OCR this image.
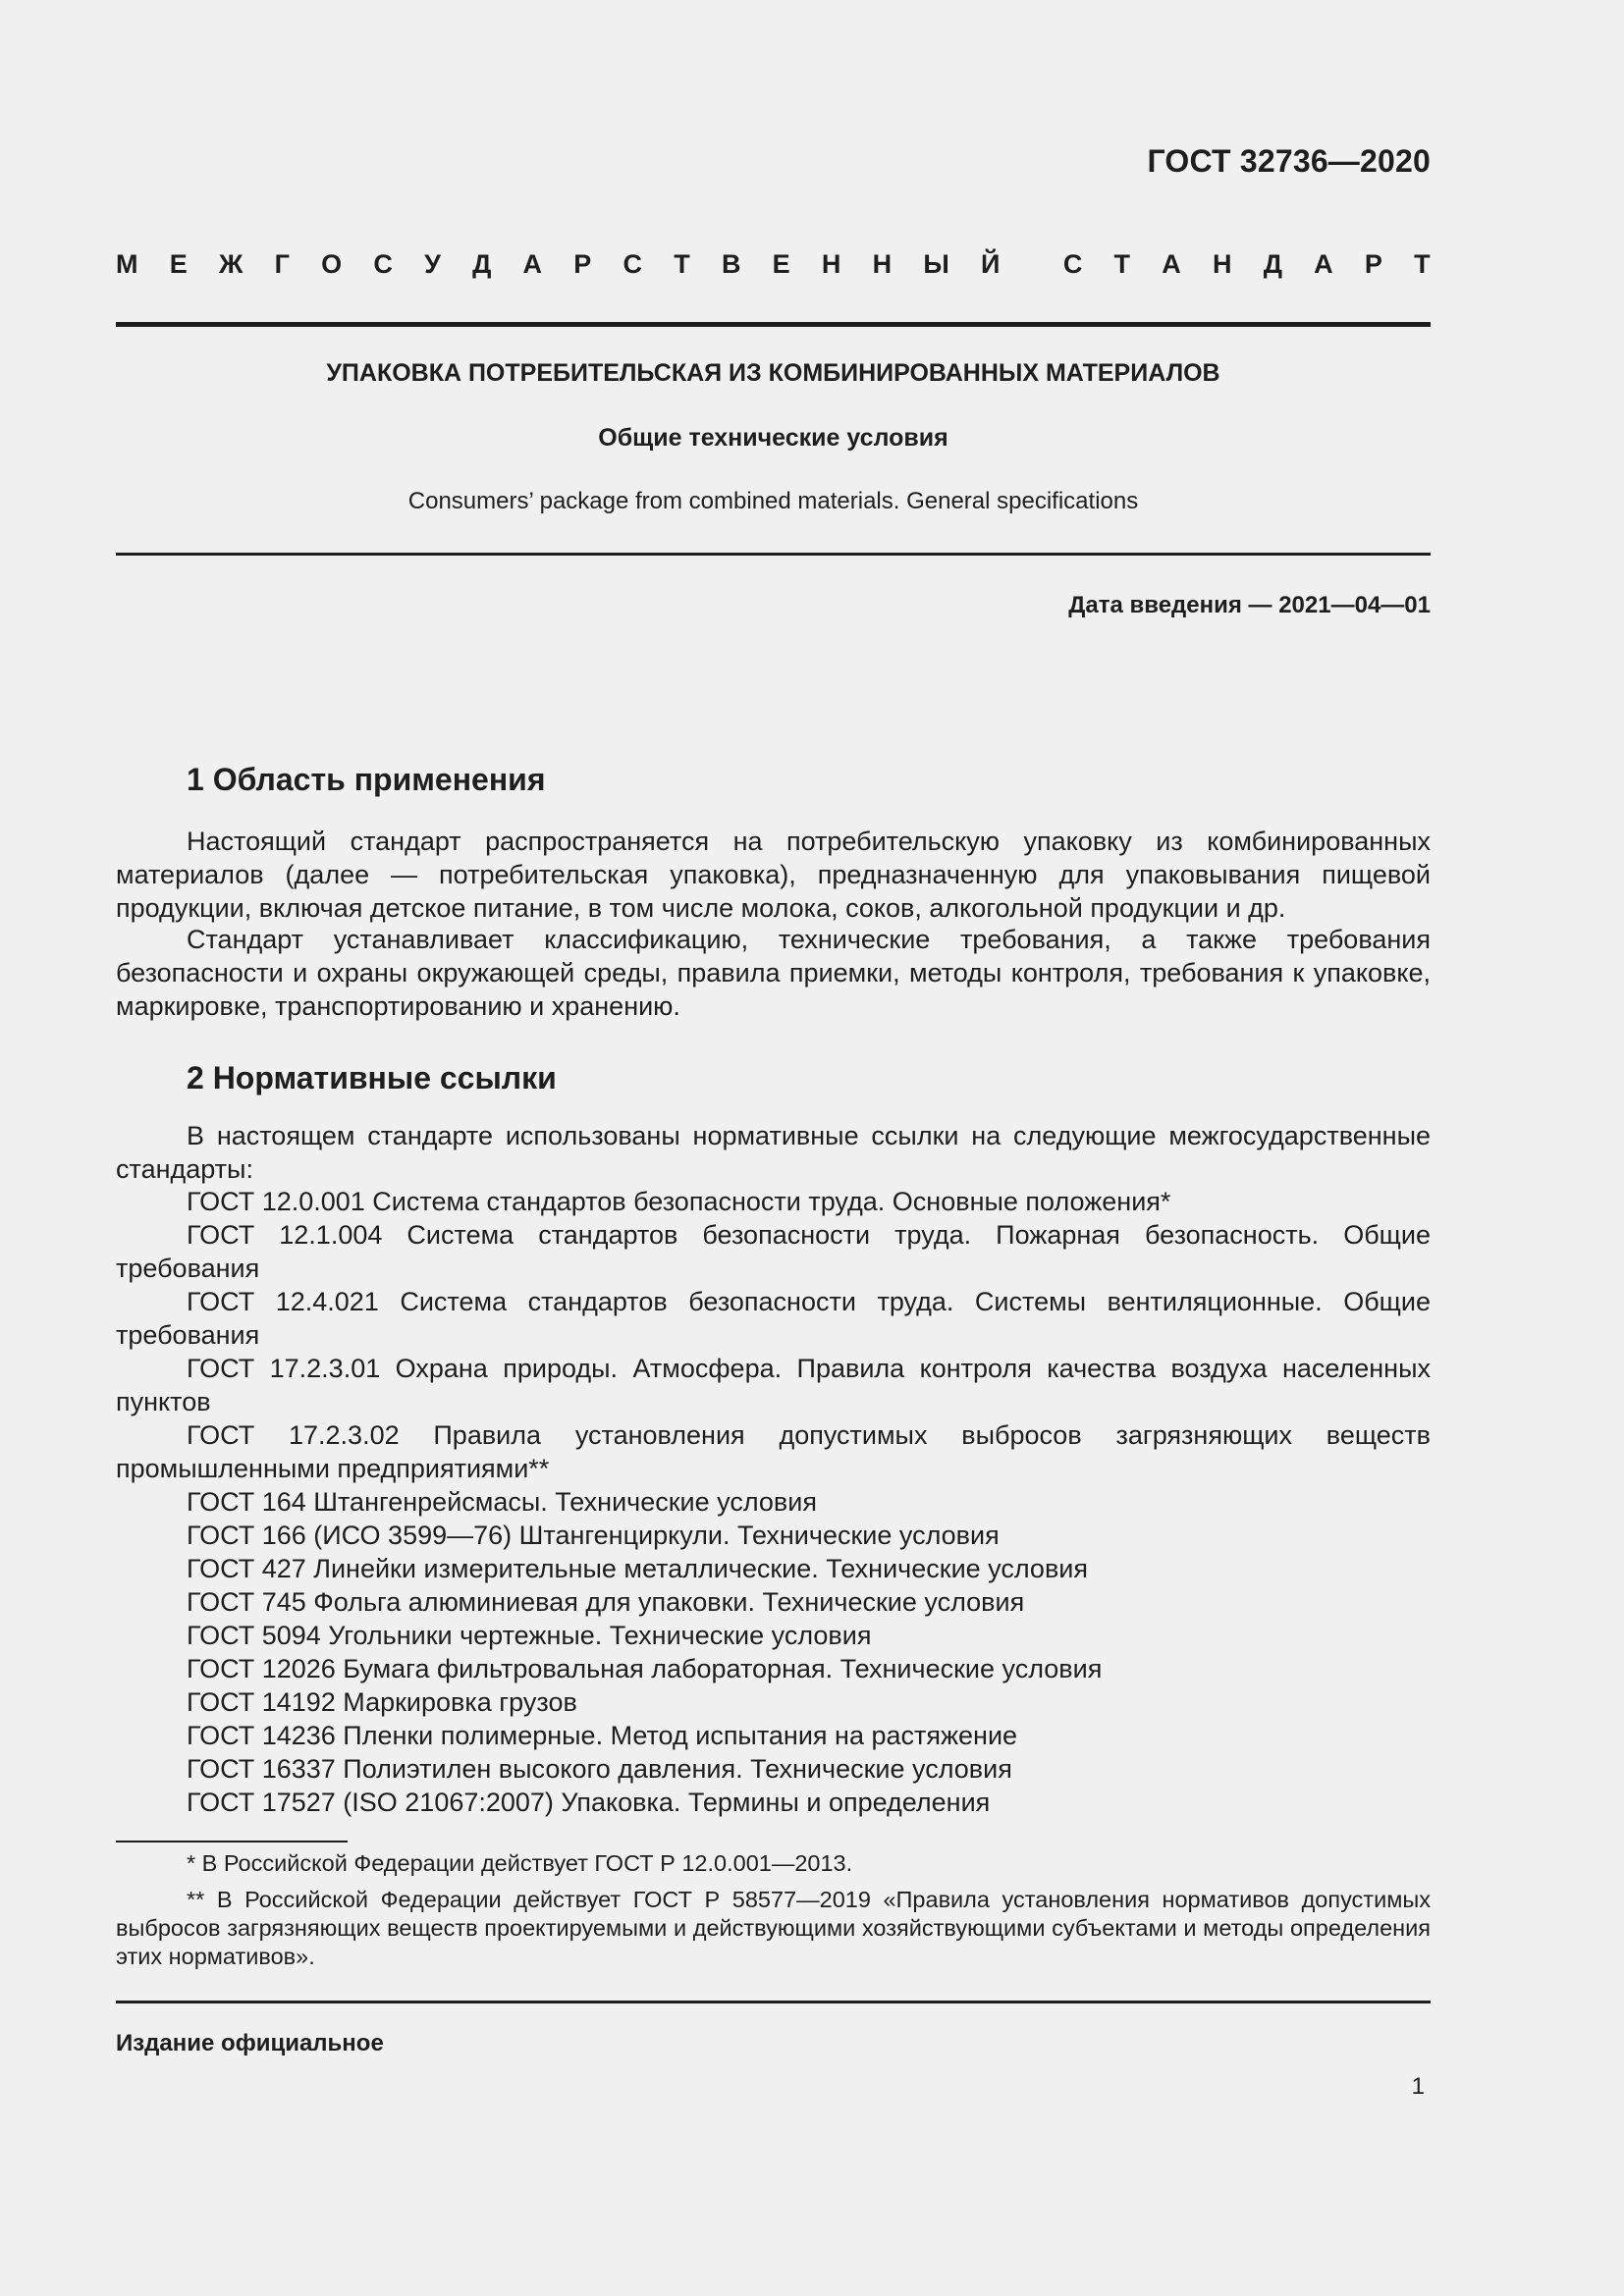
ГОСТ 32736—2020
М Е Ж Г О С У Д А Р С Т В Е Н Н Ы Й С Т А Н Д А Р Т
УПАКОВКА ПОТРЕБИТЕЛЬСКАЯ ИЗ КОМБИНИРОВАННЫХ МАТЕРИАЛОВ
Общие технические условия
Consumers’ package from combined materials. General specifications
Дата введения — 2021—04—01
1 Область применения
Настоящий стандарт распространяется на потребительскую упаковку из комбинированных материалов (далее — потребительская упаковка), предназначенную для упаковывания пищевой продукции, включая детское питание, в том числе молока, соков, алкогольной продукции и др.
Стандарт устанавливает классификацию, технические требования, а также требования безопасности и охраны окружающей среды, правила приемки, методы контроля, требования к упаковке, маркировке, транспортированию и хранению.
2 Нормативные ссылки
В настоящем стандарте использованы нормативные ссылки на следующие межгосударственные стандарты:
ГОСТ 12.0.001 Система стандартов безопасности труда. Основные положения*
ГОСТ 12.1.004 Система стандартов безопасности труда. Пожарная безопасность. Общие требования
ГОСТ 12.4.021 Система стандартов безопасности труда. Системы вентиляционные. Общие требования
ГОСТ 17.2.3.01 Охрана природы. Атмосфера. Правила контроля качества воздуха населенных пунктов
ГОСТ 17.2.3.02 Правила установления допустимых выбросов загрязняющих веществ промышленными предприятиями**
ГОСТ 164 Штангенрейсмасы. Технические условия
ГОСТ 166 (ИСО 3599—76) Штангенциркули. Технические условия
ГОСТ 427 Линейки измерительные металлические. Технические условия
ГОСТ 745 Фольга алюминиевая для упаковки. Технические условия
ГОСТ 5094 Угольники чертежные. Технические условия
ГОСТ 12026 Бумага фильтровальная лабораторная. Технические условия
ГОСТ 14192 Маркировка грузов
ГОСТ 14236 Пленки полимерные. Метод испытания на растяжение
ГОСТ 16337 Полиэтилен высокого давления. Технические условия
ГОСТ 17527 (ISO 21067:2007) Упаковка. Термины и определения
* В Российской Федерации действует ГОСТ Р 12.0.001—2013.
** В Российской Федерации действует ГОСТ Р 58577—2019 «Правила установления нормативов допустимых выбросов загрязняющих веществ проектируемыми и действующими хозяйствующими субъектами и методы определения этих нормативов».
Издание официальное
1
